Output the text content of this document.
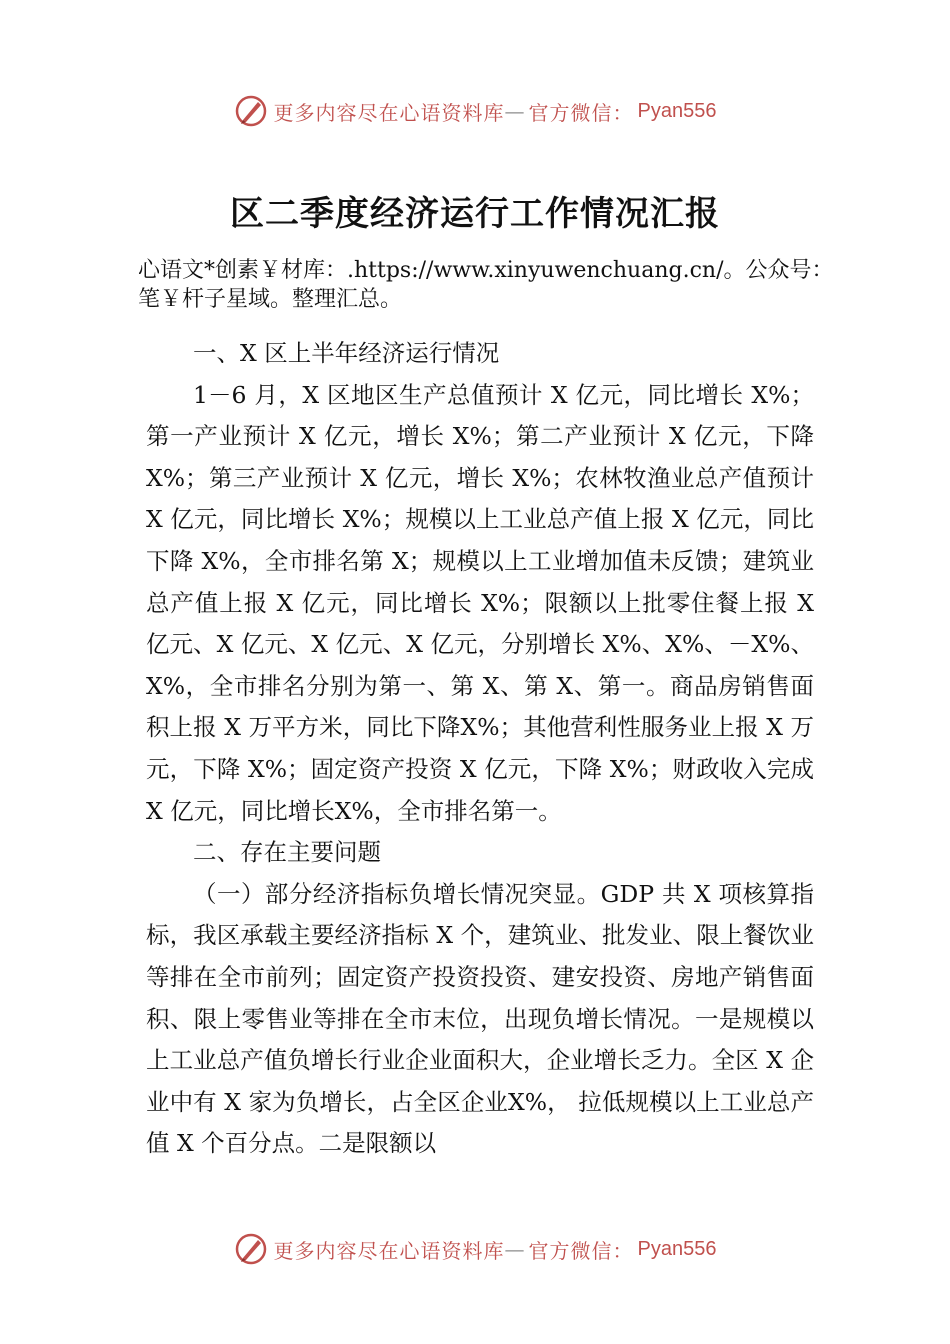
更多内容尽在心语资料库 — 官方微信： Pyan556
区二季度经济运行工作情况汇报
心语文*创素￥材库：.https://www.xinyuwenchuang.cn/。公众号：笔￥杆子星域。整理汇总。

一、X 区上半年经济运行情况

1－6 月，X 区地区生产总值预计 X 亿元，同比增长 X%；第一产业预计 X 亿元，增长 X%；第二产业预计 X 亿元，下降 X%；第三产业预计 X 亿元，增长 X%；农林牧渔业总产值预计 X 亿元，同比增长 X%；规模以上工业总产值上报 X 亿元，同比下降 X%，全市排名第 X；规模以上工业增加值未反馈；建筑业总产值上报 X 亿元，同比增长 X%；限额以上批零住餐上报 X 亿元、X 亿元、X 亿元、X 亿元，分别增长 X%、X%、－X%、X%，全市排名分别为第一、第 X、第 X、第一。商品房销售面积上报 X 万平方米，同比下降X%；其他营利性服务业上报 X 万元，下降 X%；固定资产投资 X 亿元，下降 X%；财政收入完成 X 亿元，同比增长X%，全市排名第一。

二、存在主要问题

（一）部分经济指标负增长情况突显。GDP 共 X 项核算指标，我区承载主要经济指标 X 个，建筑业、批发业、限上餐饮业等排在全市前列；固定资产投资投资、建安投资、房地产销售面积、限上零售业等排在全市末位，出现负增长情况。一是规模以上工业总产值负增长行业企业面积大，企业增长乏力。全区 X 企业中有 X 家为负增长，占全区企业X%， 拉低规模以上工业总产值 X 个百分点。二是限额以

更多内容尽在心语资料库 — 官方微信： Pyan556
